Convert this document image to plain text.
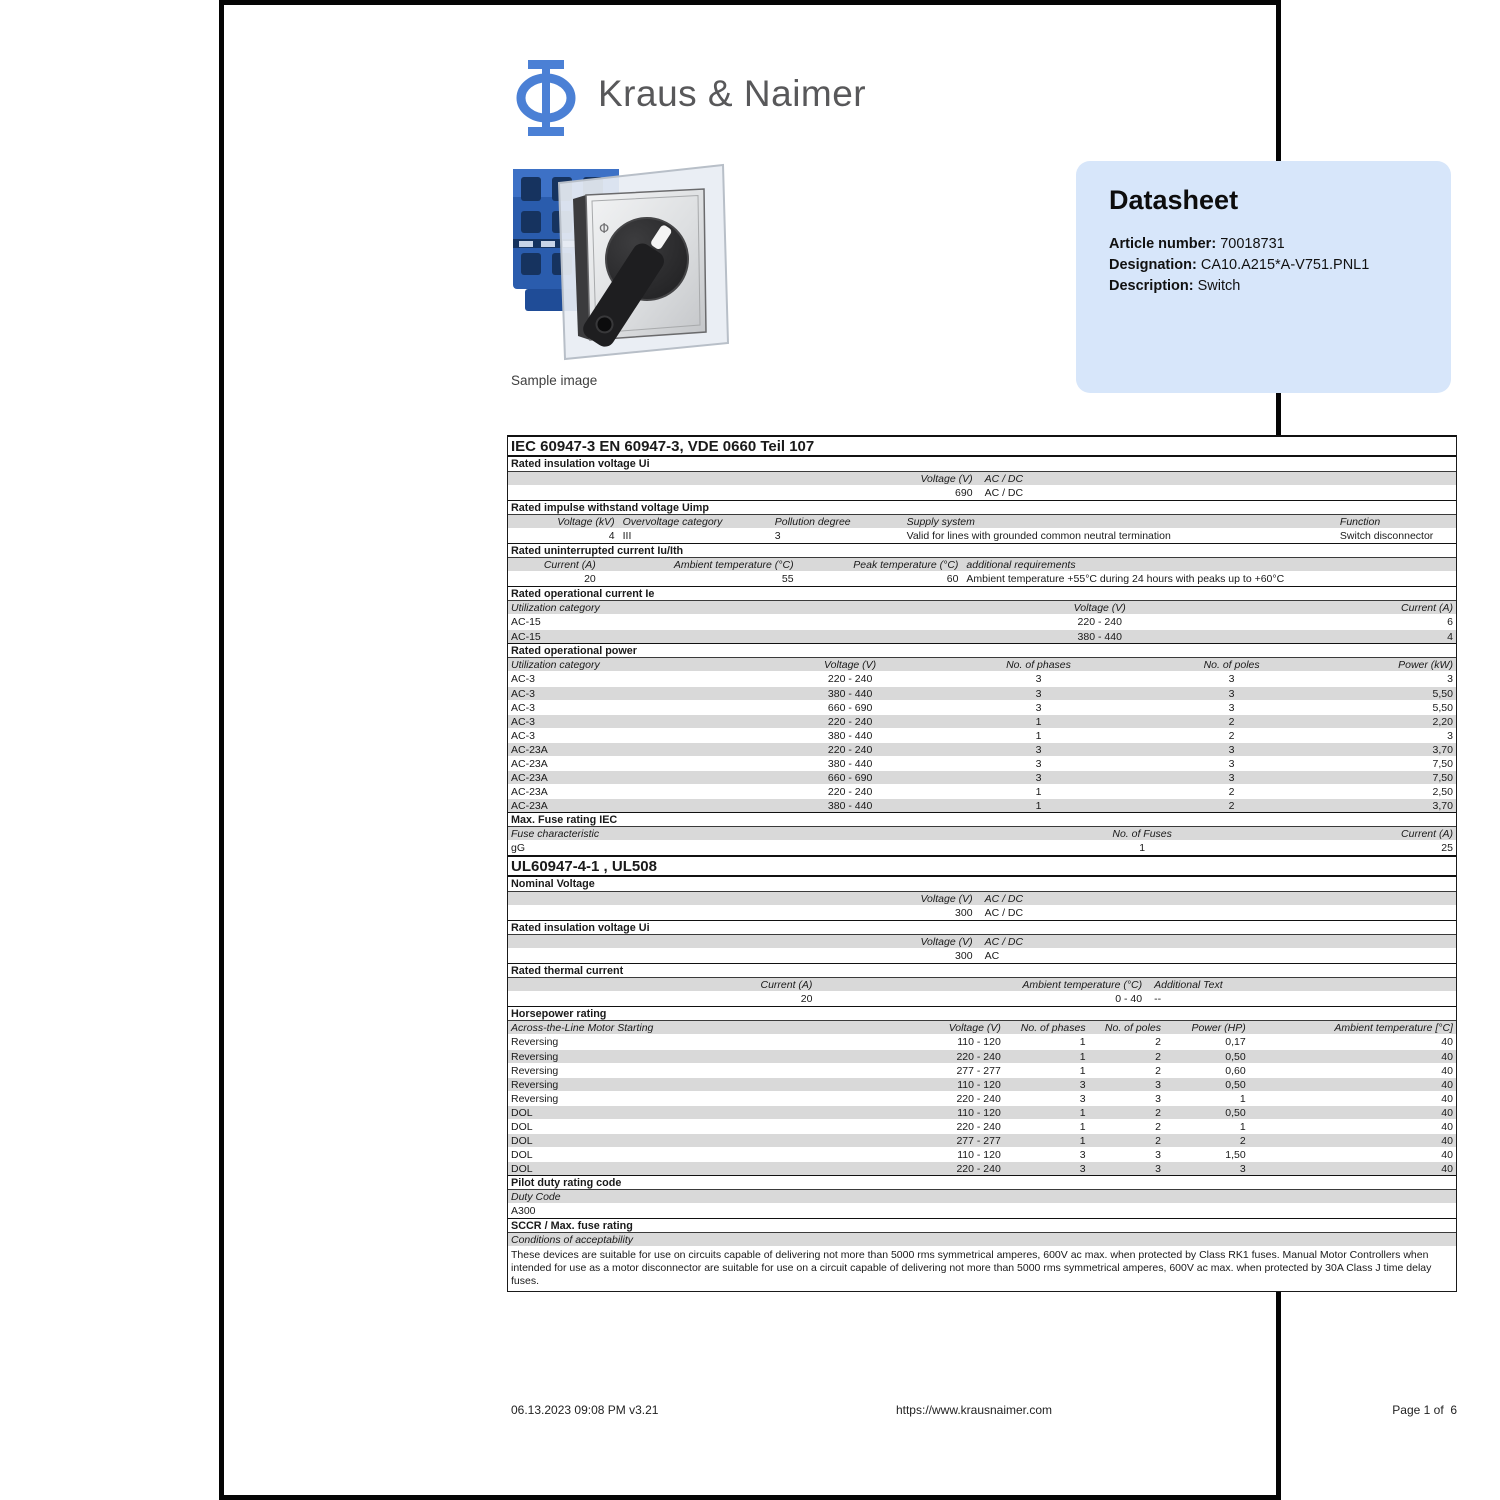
Kraus & Naimer
Φ
Sample image
Datasheet
Article number: 70018731
Designation: CA10.A215*A-V751.PNL1
Description: Switch
IEC 60947-3 EN 60947-3, VDE 0660 Teil 107
Rated insulation voltage Ui
Voltage (V)	AC / DC
690	AC / DC
Rated impulse withstand voltage Uimp
Voltage (kV) Overvoltage category	Pollution degree	Supply system	Function
4 III	3	Valid for lines with grounded common neutral termination	Switch disconnector
Rated uninterrupted current Iu/Ith
Current (A)	Ambient temperature (°C)	Peak temperature (°C) additional requirements
20	55	60 Ambient temperature +55°C during 24 hours with peaks up to +60°C
Rated operational current Ie
Utilization category	Voltage (V)	Current (A)
AC-15	220 - 240	6
AC-15	380 - 440	4
Rated operational power
Utilization category	Voltage (V)	No. of phases	No. of poles	Power (kW)
AC-3	220 - 240	3	3	3
AC-3	380 - 440	3	3	5,50
AC-3	660 - 690	3	3	5,50
AC-3	220 - 240	1	2	2,20
AC-3	380 - 440	1	2	3
AC-23A	220 - 240	3	3	3,70
AC-23A	380 - 440	3	3	7,50
AC-23A	660 - 690	3	3	7,50
AC-23A	220 - 240	1	2	2,50
AC-23A	380 - 440	1	2	3,70
Max. Fuse rating IEC
Fuse characteristic	No. of Fuses	Current (A)
gG	1	25
UL60947-4-1 , UL508
Nominal Voltage
Voltage (V)	AC / DC
300	AC / DC
Rated insulation voltage Ui
Voltage (V)	AC / DC
300	AC
Rated thermal current
Current (A)	Ambient temperature (°C)	Additional Text
20	0 - 40	--
Horsepower rating
Across-the-Line Motor Starting	Voltage (V)	No. of phases	No. of poles	Power (HP)	Ambient temperature [°C]
Reversing	110 - 120	1	2	0,17	40
Reversing	220 - 240	1	2	0,50	40
Reversing	277 - 277	1	2	0,60	40
Reversing	110 - 120	3	3	0,50	40
Reversing	220 - 240	3	3	1	40
DOL	110 - 120	1	2	0,50	40
DOL	220 - 240	1	2	1	40
DOL	277 - 277	1	2	2	40
DOL	110 - 120	3	3	1,50	40
DOL	220 - 240	3	3	3	40
Pilot duty rating code
Duty Code
A300
SCCR / Max. fuse rating
Conditions of acceptability
These devices are suitable for use on circuits capable of delivering not more than 5000 rms symmetrical amperes, 600V ac max. when protected by Class RK1 fuses. Manual Motor Controllers when intended for use as a motor disconnector are suitable for use on a circuit capable of delivering not more than 5000 rms symmetrical amperes, 600V ac max. when protected by 30A Class J time delay fuses.
06.13.2023 09:08 PM v3.21	https://www.krausnaimer.com	Page 1 of  6
